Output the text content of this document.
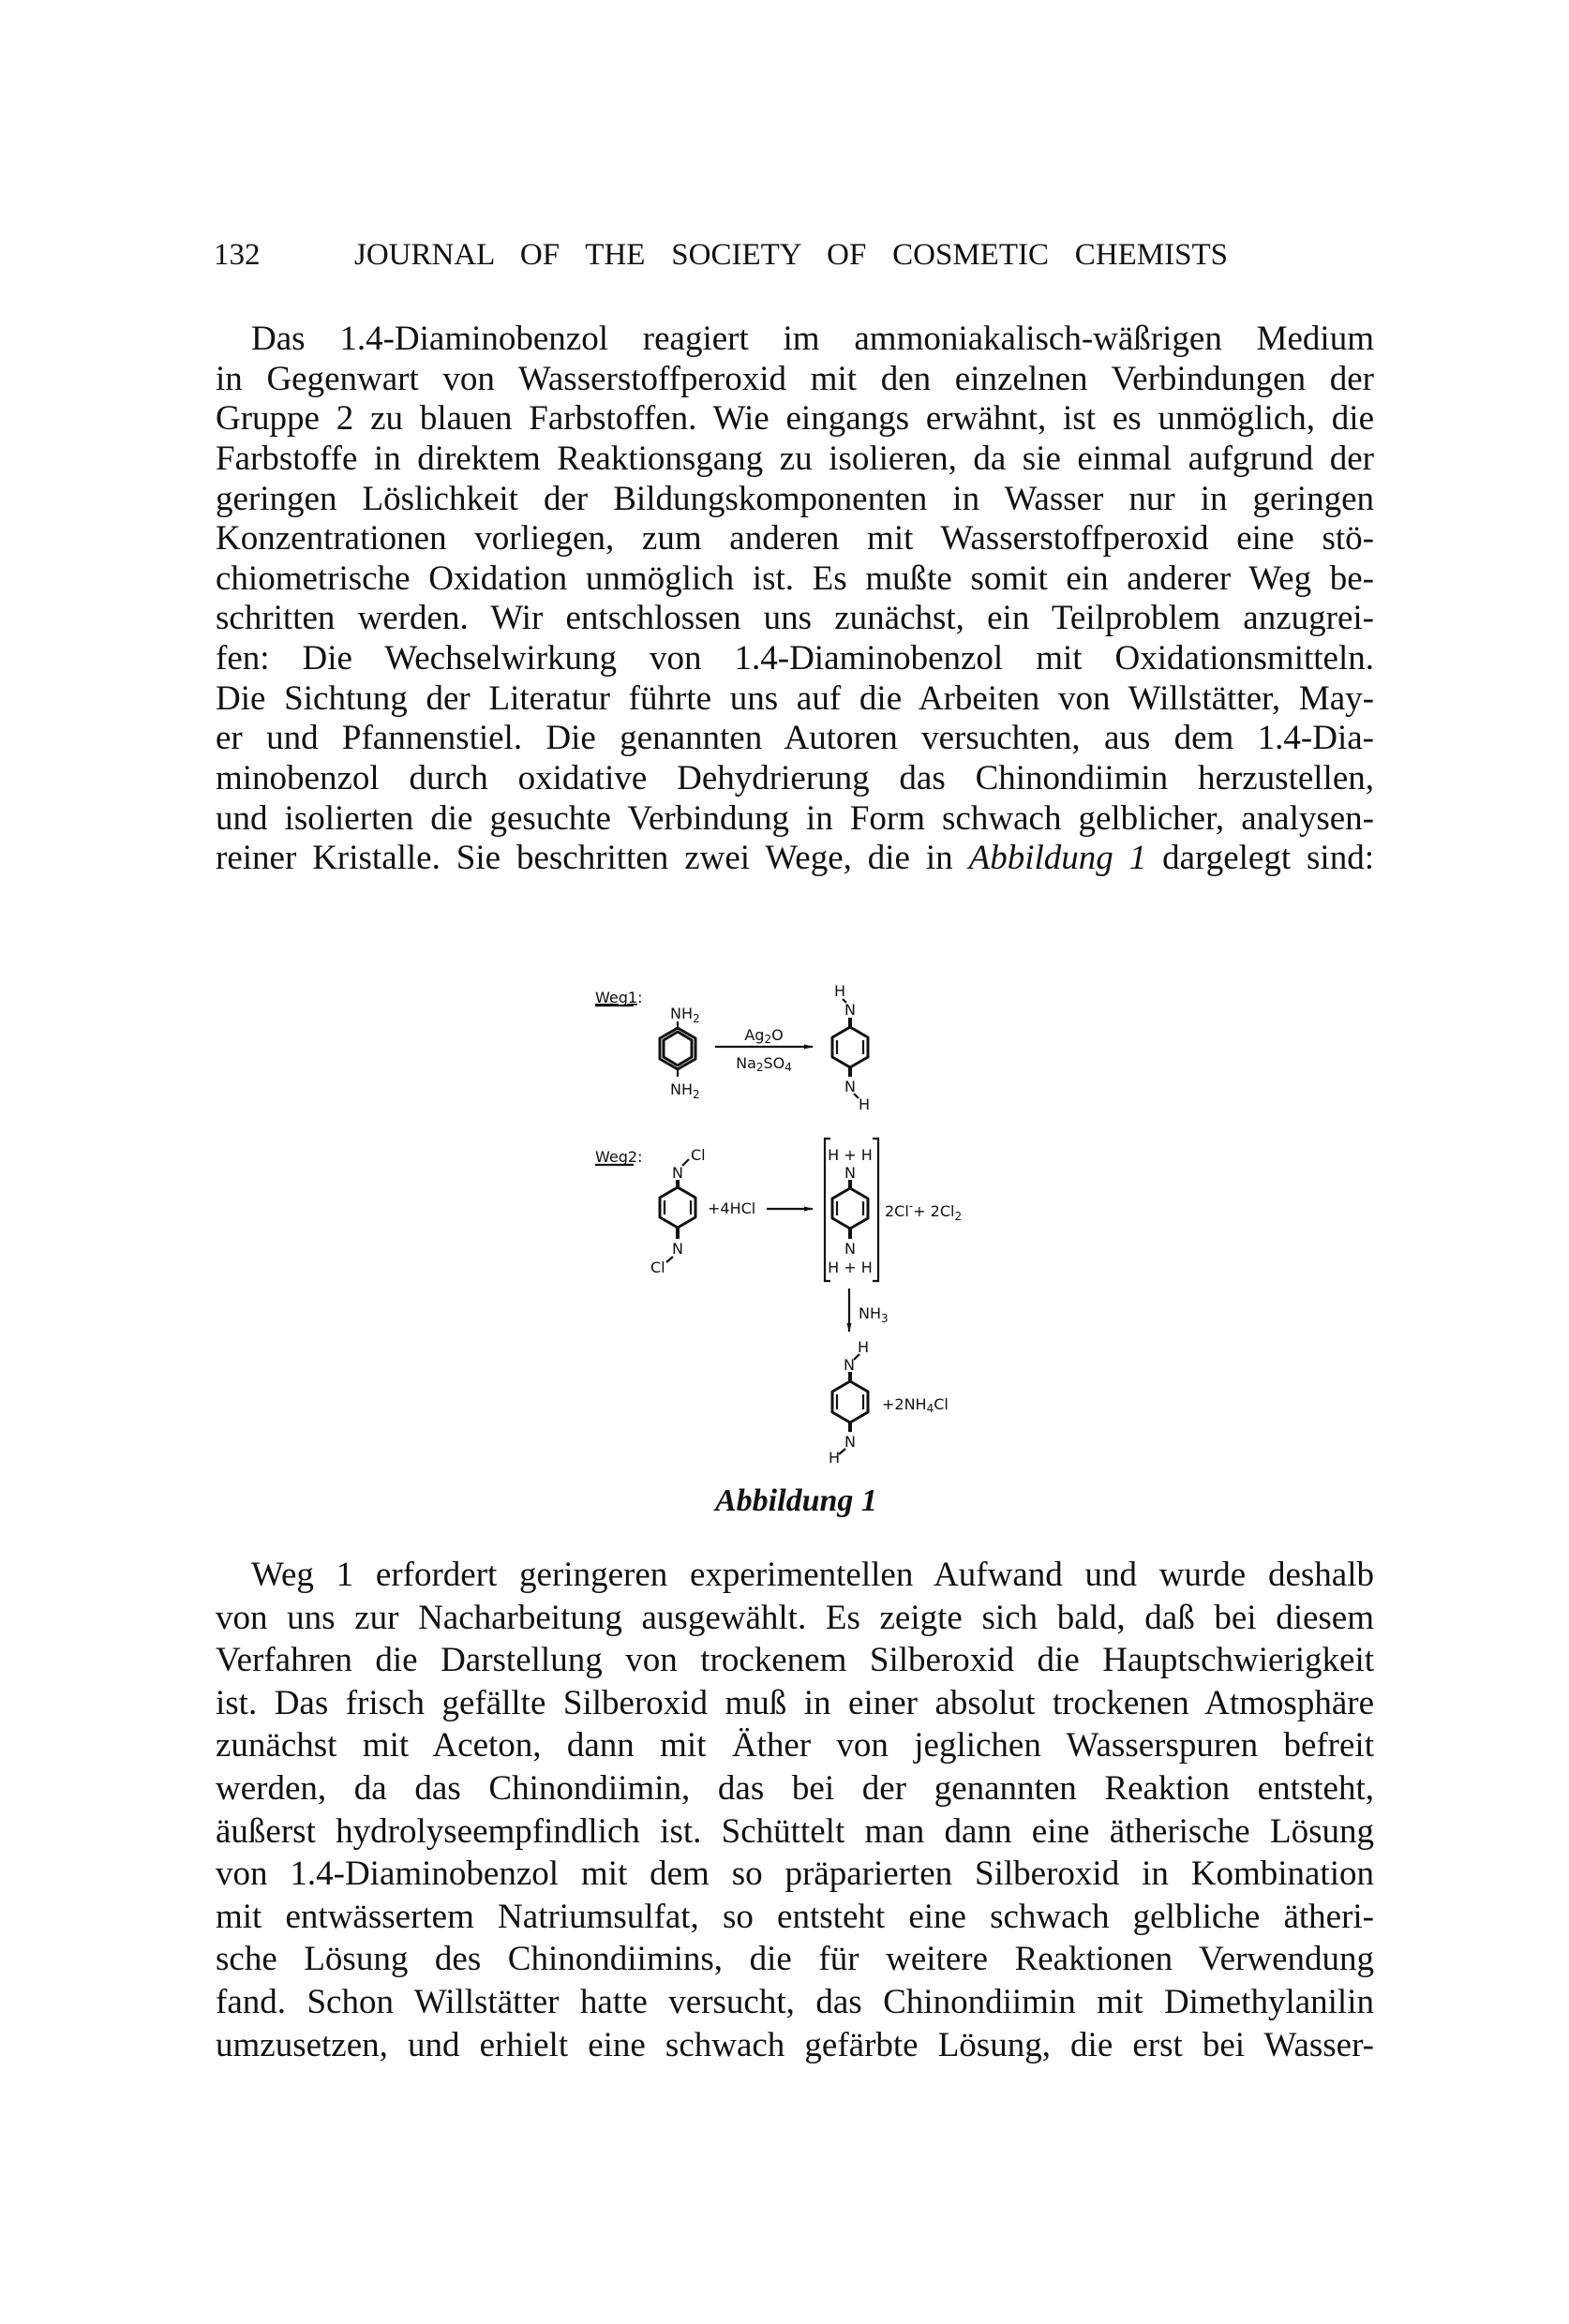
132	JOURNAL OF THE SOCIETY OF COSMETIC CHEMISTS
Das 1.4-Diaminobenzol reagiert im ammoniakalisch-wäßrigen Medium
in Gegenwart von Wasserstoffperoxid mit den einzelnen Verbindungen der
Gruppe 2 zu blauen Farbstoffen. Wie eingangs erwähnt, ist es unmöglich, die
Farbstoffe in direktem Reaktionsgang zu isolieren, da sie einmal aufgrund der
geringen Löslichkeit der Bildungskomponenten in Wasser nur in geringen
Konzentrationen vorliegen, zum anderen mit Wasserstoffperoxid eine stö-
chiometrische Oxidation unmöglich ist. Es mußte somit ein anderer Weg be-
schritten werden. Wir entschlossen uns zunächst, ein Teilproblem anzugrei-
fen: Die Wechselwirkung von 1.4-Diaminobenzol mit Oxidationsmitteln.
Die Sichtung der Literatur führte uns auf die Arbeiten von Willstätter, May-
er und Pfannenstiel. Die genannten Autoren versuchten, aus dem 1.4-Dia-
minobenzol durch oxidative Dehydrierung das Chinondiimin herzustellen,
und isolierten die gesuchte Verbindung in Form schwach gelblicher, analysen-
reiner Kristalle. Sie beschritten zwei Wege, die in Abbildung 1 dargelegt sind:
Weg1:
$NH_2$
$NH_2$
Ag2O
Na2SO4
H
N
N
H
Weg2:	Cl
N
N
Cl
+4HCl
H + H
N
N
H + H
$2Cl^-+ 2Cl_2$
$NH_3$
H
N
N
H
+2NH4Cl
Abbildung 1
Weg 1 erfordert geringeren experimentellen Aufwand und wurde deshalb
von uns zur Nacharbeitung ausgewählt. Es zeigte sich bald, daß bei diesem
Verfahren die Darstellung von trockenem Silberoxid die Hauptschwierigkeit
ist. Das frisch gefällte Silberoxid muß in einer absolut trockenen Atmosphäre
zunächst mit Aceton, dann mit Äther von jeglichen Wasserspuren befreit
werden, da das Chinondiimin, das bei der genannten Reaktion entsteht,
äußerst hydrolyseempfindlich ist. Schüttelt man dann eine ätherische Lösung
von 1.4-Diaminobenzol mit dem so präparierten Silberoxid in Kombination
mit entwässertem Natriumsulfat, so entsteht eine schwach gelbliche ätheri-
sche Lösung des Chinondiimins, die für weitere Reaktionen Verwendung
fand. Schon Willstätter hatte versucht, das Chinondiimin mit Dimethylanilin
umzusetzen, und erhielt eine schwach gefärbte Lösung, die erst bei Wasser-
